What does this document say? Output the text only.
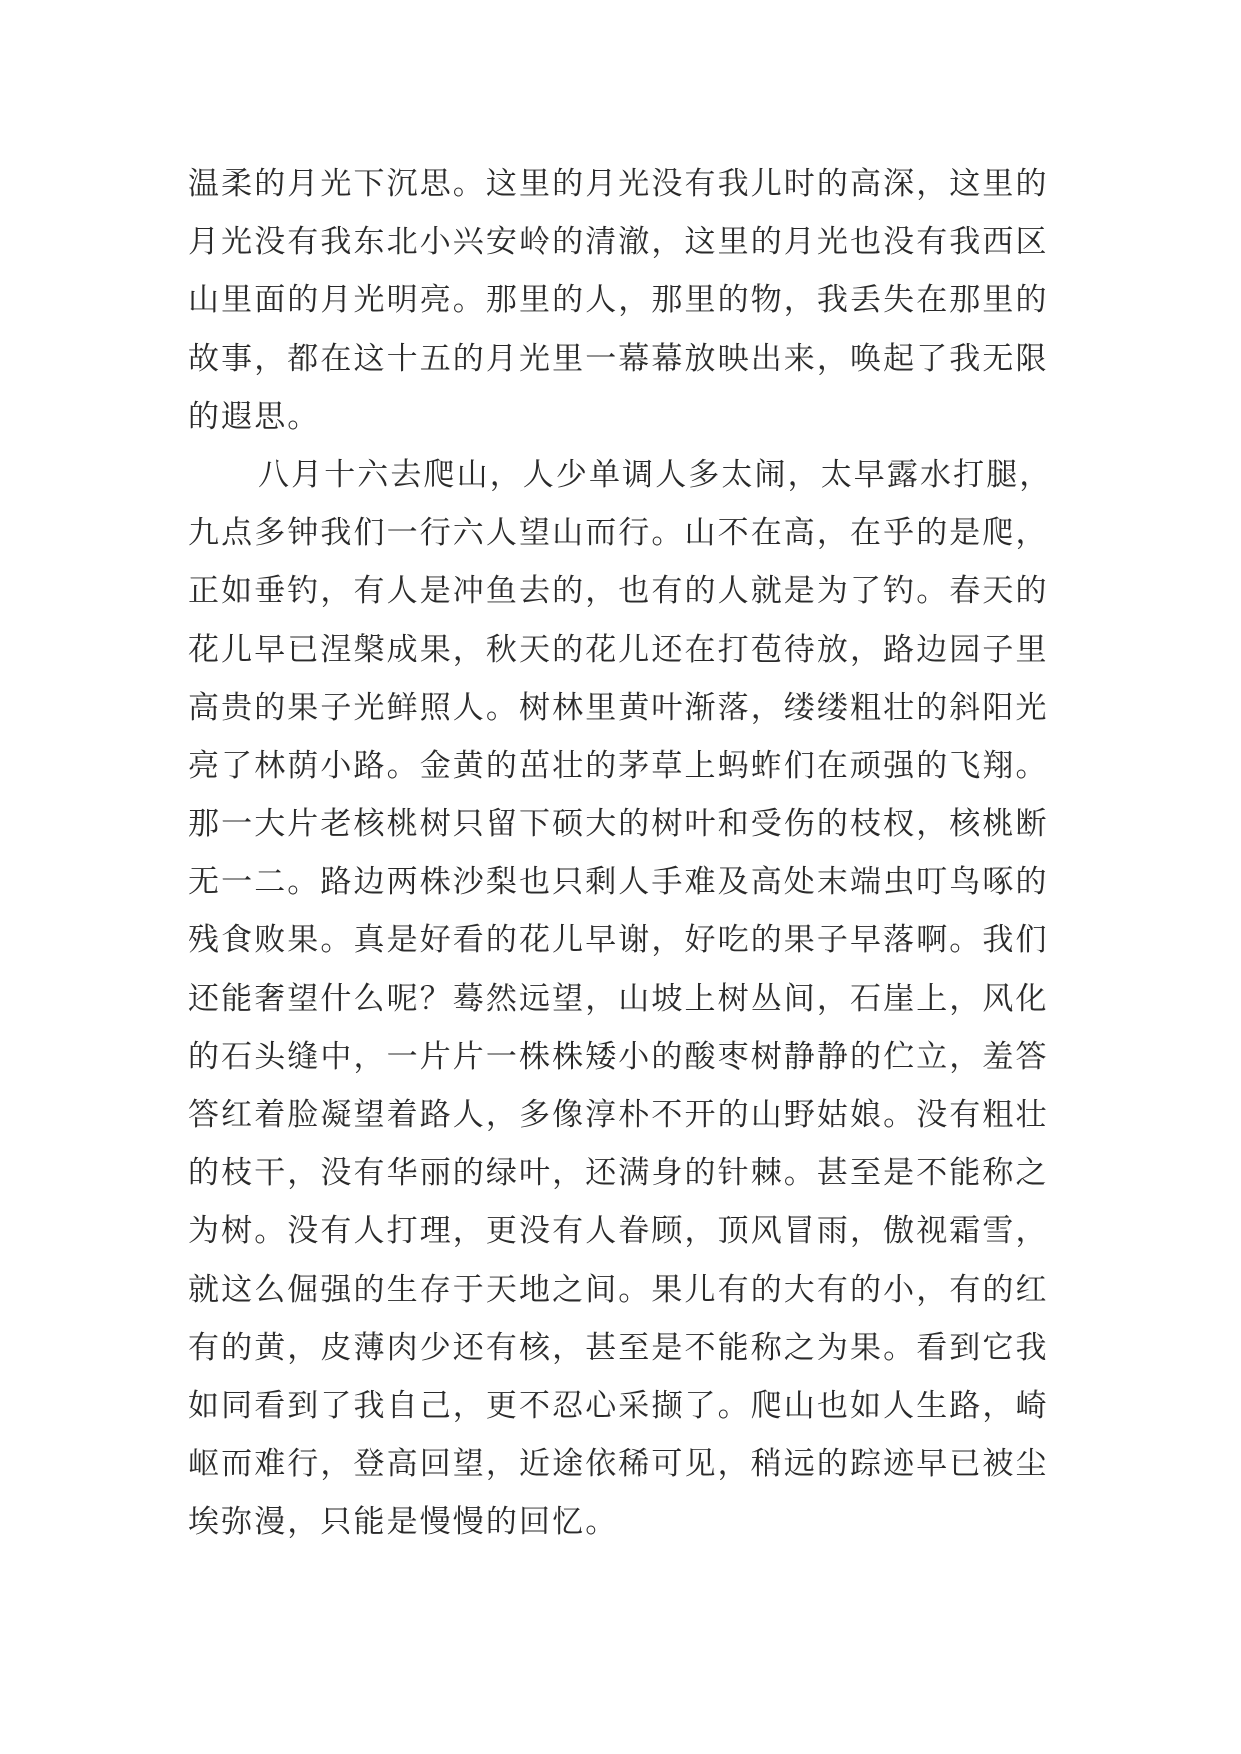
温柔的月光下沉思。这里的月光没有我儿时的高深，这里的
月光没有我东北小兴安岭的清澈，这里的月光也没有我西区
山里面的月光明亮。那里的人，那里的物，我丢失在那里的
故事，都在这十五的月光里一幕幕放映出来，唤起了我无限
的遐思。
八月十六去爬山，人少单调人多太闹，太早露水打腿，
九点多钟我们一行六人望山而行。山不在高，在乎的是爬，
正如垂钓，有人是冲鱼去的，也有的人就是为了钓。春天的
花儿早已涅槃成果，秋天的花儿还在打苞待放，路边园子里
高贵的果子光鲜照人。树林里黄叶渐落，缕缕粗壮的斜阳光
亮了林荫小路。金黄的茁壮的茅草上蚂蚱们在顽强的飞翔。
那一大片老核桃树只留下硕大的树叶和受伤的枝杈，核桃断
无一二。路边两株沙梨也只剩人手难及高处末端虫叮鸟啄的
残食败果。真是好看的花儿早谢，好吃的果子早落啊。我们
还能奢望什么呢？蓦然远望，山坡上树丛间，石崖上，风化
的石头缝中，一片片一株株矮小的酸枣树静静的伫立，羞答
答红着脸凝望着路人，多像淳朴不开的山野姑娘。没有粗壮
的枝干，没有华丽的绿叶，还满身的针棘。甚至是不能称之
为树。没有人打理，更没有人眷顾，顶风冒雨，傲视霜雪，
就这么倔强的生存于天地之间。果儿有的大有的小，有的红
有的黄，皮薄肉少还有核，甚至是不能称之为果。看到它我
如同看到了我自己，更不忍心采撷了。爬山也如人生路，崎
岖而难行，登高回望，近途依稀可见，稍远的踪迹早已被尘
埃弥漫，只能是慢慢的回忆。
